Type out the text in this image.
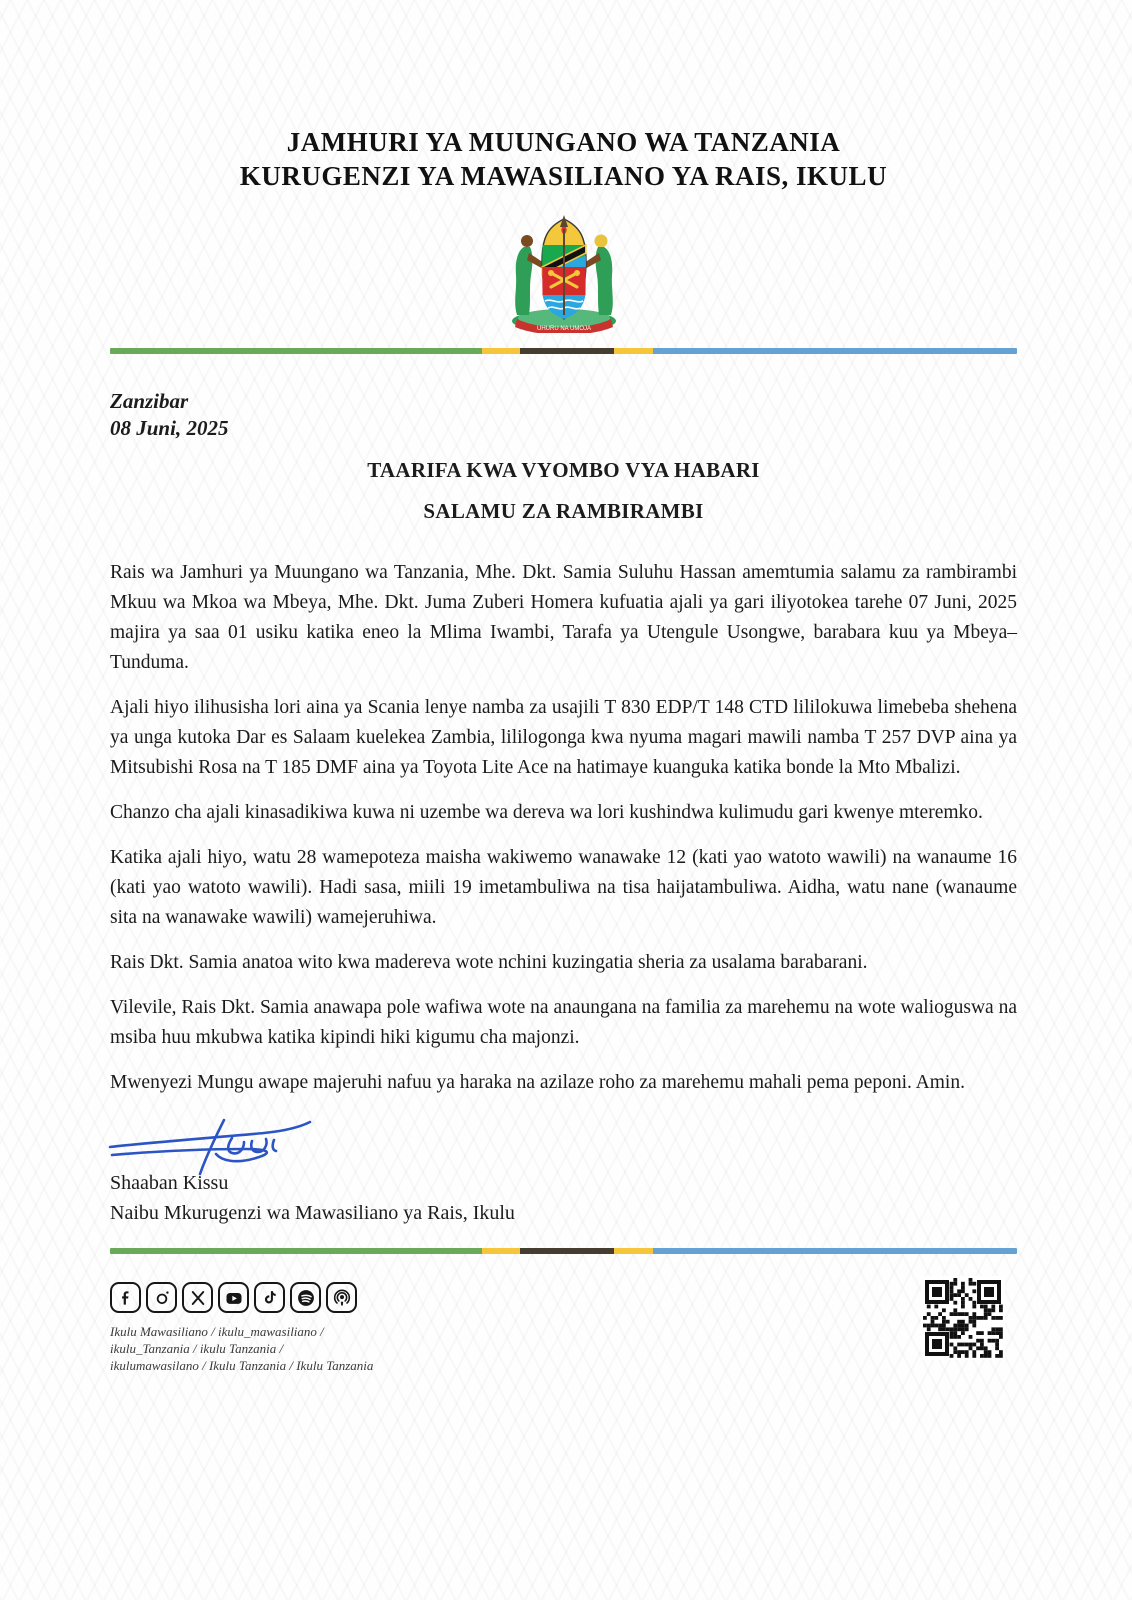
JAMHURI YA MUUNGANO WA TANZANIA
KURUGENZI YA MAWASILIANO YA RAIS, IKULU
UHURU NA UMOJA
Zanzibar
08 Juni, 2025
TAARIFA KWA VYOMBO VYA HABARI
SALAMU ZA RAMBIRAMBI

Rais wa Jamhuri ya Muungano wa Tanzania, Mhe. Dkt. Samia Suluhu Hassan amemtumia salamu za rambirambi Mkuu wa Mkoa wa Mbeya, Mhe. Dkt. Juma Zuberi Homera kufuatia ajali ya gari iliyotokea tarehe 07 Juni, 2025 majira ya saa 01 usiku katika eneo la Mlima Iwambi, Tarafa ya Utengule Usongwe, barabara kuu ya Mbeya–Tunduma.

Ajali hiyo ilihusisha lori aina ya Scania lenye namba za usajili T 830 EDP/T 148 CTD lililokuwa limebeba shehena ya unga kutoka Dar es Salaam kuelekea Zambia, lililogonga kwa nyuma magari mawili namba T 257 DVP aina ya Mitsubishi Rosa na T 185 DMF aina ya Toyota Lite Ace na hatimaye kuanguka katika bonde la Mto Mbalizi.

Chanzo cha ajali kinasadikiwa kuwa ni uzembe wa dereva wa lori kushindwa kulimudu gari kwenye mteremko.

Katika ajali hiyo, watu 28 wamepoteza maisha wakiwemo wanawake 12 (kati yao watoto wawili) na wanaume 16 (kati yao watoto wawili). Hadi sasa, miili 19 imetambuliwa na tisa haijatambuliwa. Aidha, watu nane (wanaume sita na wanawake wawili) wamejeruhiwa.

Rais Dkt. Samia anatoa wito kwa madereva wote nchini kuzingatia sheria za usalama barabarani.

Vilevile, Rais Dkt. Samia anawapa pole wafiwa wote na anaungana na familia za marehemu na wote walioguswa na msiba huu mkubwa katika kipindi hiki kigumu cha majonzi.

Mwenyezi Mungu awape majeruhi nafuu ya haraka na azilaze roho za marehemu mahali pema peponi. Amin.

Shaaban Kissu
Naibu Mkurugenzi wa Mawasiliano ya Rais, Ikulu
Ikulu Mawasiliano / ikulu_mawasiliano /
ikulu_Tanzania / ikulu Tanzania /
ikulumawasilano / Ikulu Tanzania / Ikulu Tanzania
